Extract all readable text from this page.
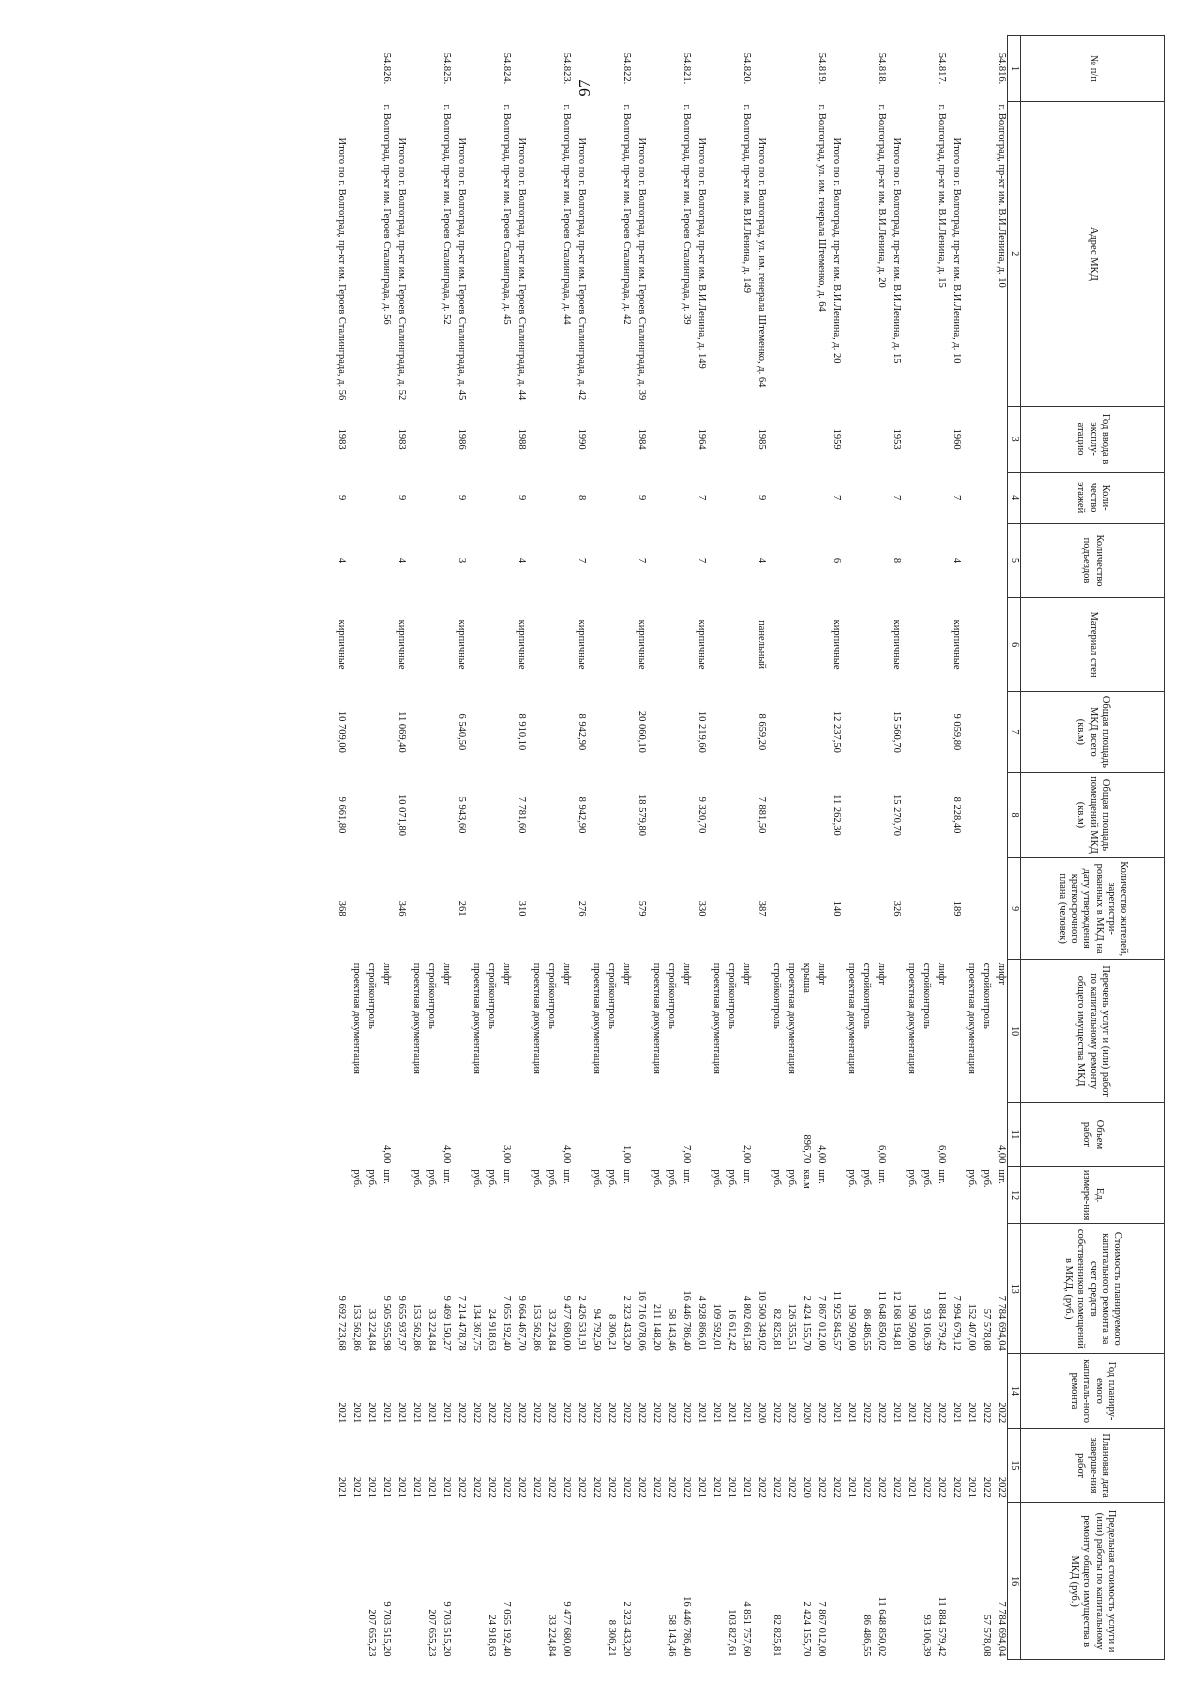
97
№ п/п	Адрес МКД	Год ввода в эксплу-атацию	Коли-чество этажей	Количество подъездов	Материал стен	Общая площадь МКД всего (кв.м)	Общая площадь помещений МКД (кв.м)	Количество жителей, зарегистри-рованных в МКД на дату утверждения краткосрочного плана (человек)	Перечень услуг и (или) работ по капитальному ремонту общего имущества МКД	Объем работ	Ед. измере-ния	Стоимость планируемого капитального ремонта за счет средств собственников помещений в МКД, (руб.)	Год планиру-емого капиталь-ного ремонта	Плановая дата заверше-ния работ	Предельная стоимость услуги и (или) работы по капитальному ремонту общего имущества в МКД (руб.)
1	2	3	4	5	6	7	8	9	10	11	12	13	14	15	16
54.816.	г. Волгоград, пр-кт им. В.И.Ленина, д. 10								лифт	4,00	шт.	7 784 694,04	2022	2022	7 784 694,04
									стройконтроль		руб.	57 578,08	2022	2022	57 578,08
									проектная документация		руб.	152 407,00	2021	2021	
	Итого по г. Волгоград, пр-кт им. В.И.Ленина, д. 10	1960	7	4	кирпичные	9 059,80	8 228,40	189				7 994 679,12	2021	2022	
54.817.	г. Волгоград, пр-кт им. В.И.Ленина, д. 15								лифт	6,00	шт.	11 884 579,42	2022	2022	11 884 579,42
									стройконтроль		руб.	93 106,39	2022	2022	93 106,39
									проектная документация		руб.	190 509,00	2021	2021	
	Итого по г. Волгоград, пр-кт им. В.И.Ленина, д. 15	1953	7	8	кирпичные	15 560,70	15 270,70	326				12 168 194,81	2021	2022	
54.818.	г. Волгоград, пр-кт им. В.И.Ленина, д. 20								лифт	6,00	шт.	11 648 850,02	2022	2022	11 648 850,02
									стройконтроль		руб.	86 486,55	2022	2022	86 486,55
									проектная документация		руб.	190 509,00	2021	2021	
	Итого по г. Волгоград, пр-кт им. В.И.Ленина, д. 20	1959	7	6	кирпичные	12 237,50	11 262,30	140				11 925 845,57	2021	2022	
54.819.	г. Волгоград, ул. им. генерала Штеменко, д. 64								лифт	4,00	шт.	7 867 012,00	2022	2022	7 867 012,00
									крыша	896,70	кв.м	2 424 155,70	2020	2020	2 424 155,70
									проектная документация		руб.	126 355,51	2022	2022	
									стройконтроль		руб.	82 825,81	2022	2022	82 825,81
	Итого по г. Волгоград, ул. им. генерала Штеменко, д. 64	1985	9	4	панельный	8 659,20	7 881,50	387				10 500 349,02	2020	2022	
54.820.	г. Волгоград, пр-кт им. В.И.Ленина, д. 149								лифт	2,00	шт.	4 802 661,58	2021	2021	4 851 757,60
									стройконтроль		руб.	16 612,42	2021	2021	103 827,61
									проектная документация		руб.	109 592,01	2021	2021	
	Итого по г. Волгоград, пр-кт им. В.И.Ленина, д. 149	1964	7	7	кирпичные	10 219,60	9 320,70	330				4 928 866,01	2021	2021	
54.821.	г. Волгоград, пр-кт им. Героев Сталинграда, д. 39								лифт	7,00	шт.	16 446 786,40	2022	2022	16 446 786,40
									стройконтроль		руб.	58 143,46	2022	2022	58 143,46
									проектная документация		руб.	211 148,20	2022	2022	
	Итого по г. Волгоград, пр-кт им. Героев Сталинграда, д. 39	1984	9	7	кирпичные	20 060,10	18 579,80	579				16 716 078,06	2022	2022	
54.822.	г. Волгоград, пр-кт им. Героев Сталинграда, д. 42								лифт	1,00	шт.	2 323 433,20	2022	2022	2 323 433,20
									стройконтроль		руб.	8 306,21	2022	2022	8 306,21
									проектная документация		руб.	94 792,50	2022	2022	
	Итого по г. Волгоград, пр-кт им. Героев Сталинграда, д. 42	1990	8	7	кирпичные	8 942,90	8 942,90	276				2 426 531,91	2022	2022	
54.823.	г. Волгоград, пр-кт им. Героев Сталинграда, д. 44								лифт	4,00	шт.	9 477 680,00	2022	2022	9 477 680,00
									стройконтроль		руб.	33 224,84	2022	2022	33 224,84
									проектная документация		руб.	153 562,86	2022	2022	
	Итого по г. Волгоград, пр-кт им. Героев Сталинграда, д. 44	1988	9	4	кирпичные	8 910,10	7 781,60	310				9 664 467,70	2022	2022	
54.824.	г. Волгоград, пр-кт им. Героев Сталинграда, д. 45								лифт	3,00	шт.	7 055 192,40	2022	2022	7 055 192,40
									стройконтроль		руб.	24 918,63	2022	2022	24 918,63
									проектная документация		руб.	134 367,75	2022	2022	
	Итого по г. Волгоград, пр-кт им. Героев Сталинграда, д. 45	1986	9	3	кирпичные	6 540,50	5 943,60	261				7 214 478,78	2022	2022	
54.825.	г. Волгоград, пр-кт им. Героев Сталинграда, д. 52								лифт	4,00	шт.	9 469 150,27	2021	2021	9 703 515,20
									стройконтроль		руб.	33 224,84	2021	2021	207 655,23
									проектная документация		руб.	153 562,86	2021	2021	
	Итого по г. Волгоград, пр-кт им. Героев Сталинграда, д. 52	1983	9	4	кирпичные	11 069,40	10 071,80	346				9 655 937,97	2021	2021	
54.826.	г. Волгоград, пр-кт им. Героев Сталинграда, д. 56								лифт	4,00	шт.	9 505 955,98	2021	2021	9 703 515,20
									стройконтроль		руб.	33 224,84	2021	2021	207 655,23
									проектная документация		руб.	153 562,86	2021	2021	
	Итого по г. Волгоград, пр-кт им. Героев Сталинграда, д. 56	1983	9	4	кирпичные	10 709,00	9 661,80	368				9 692 723,68	2021	2021	
